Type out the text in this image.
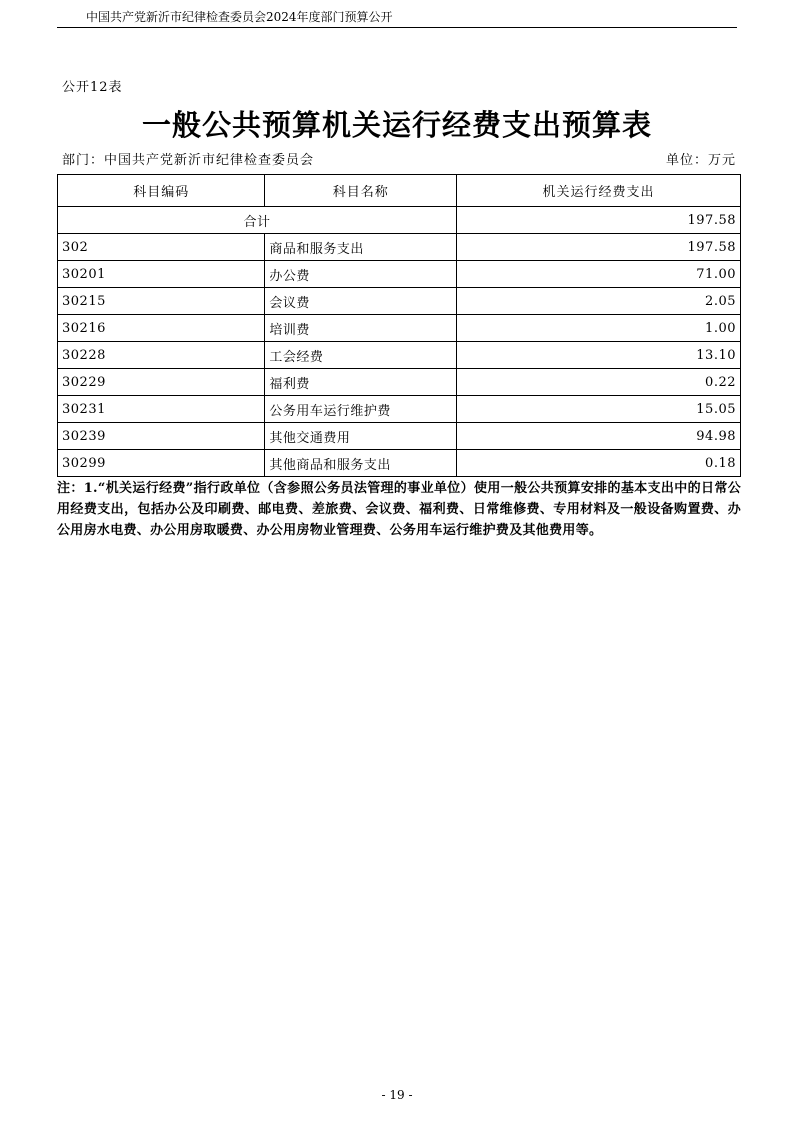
中国共产党新沂市纪律检查委员会2024年度部门预算公开
公开12表
一般公共预算机关运行经费支出预算表
部门：中国共产党新沂市纪律检查委员会	单位：万元
科目编码	科目名称	机关运行经费支出
合计		197.58
302	商品和服务支出	197.58
30201	办公费	71.00
30215	会议费	2.05
30216	培训费	1.00
30228	工会经费	13.10
30229	福利费	0.22
30231	公务用车运行维护费	15.05
30239	其他交通费用	94.98
30299	其他商品和服务支出	0.18
注：1.“机关运行经费”指行政单位（含参照公务员法管理的事业单位）使用一般公共预算安排的基本支出中的日常公用经费支出，包括办公及印刷费、邮电费、差旅费、会议费、福利费、日常维修费、专用材料及一般设备购置费、办公用房水电费、办公用房取暖费、办公用房物业管理费、公务用车运行维护费及其他费用等。
- 19 -
